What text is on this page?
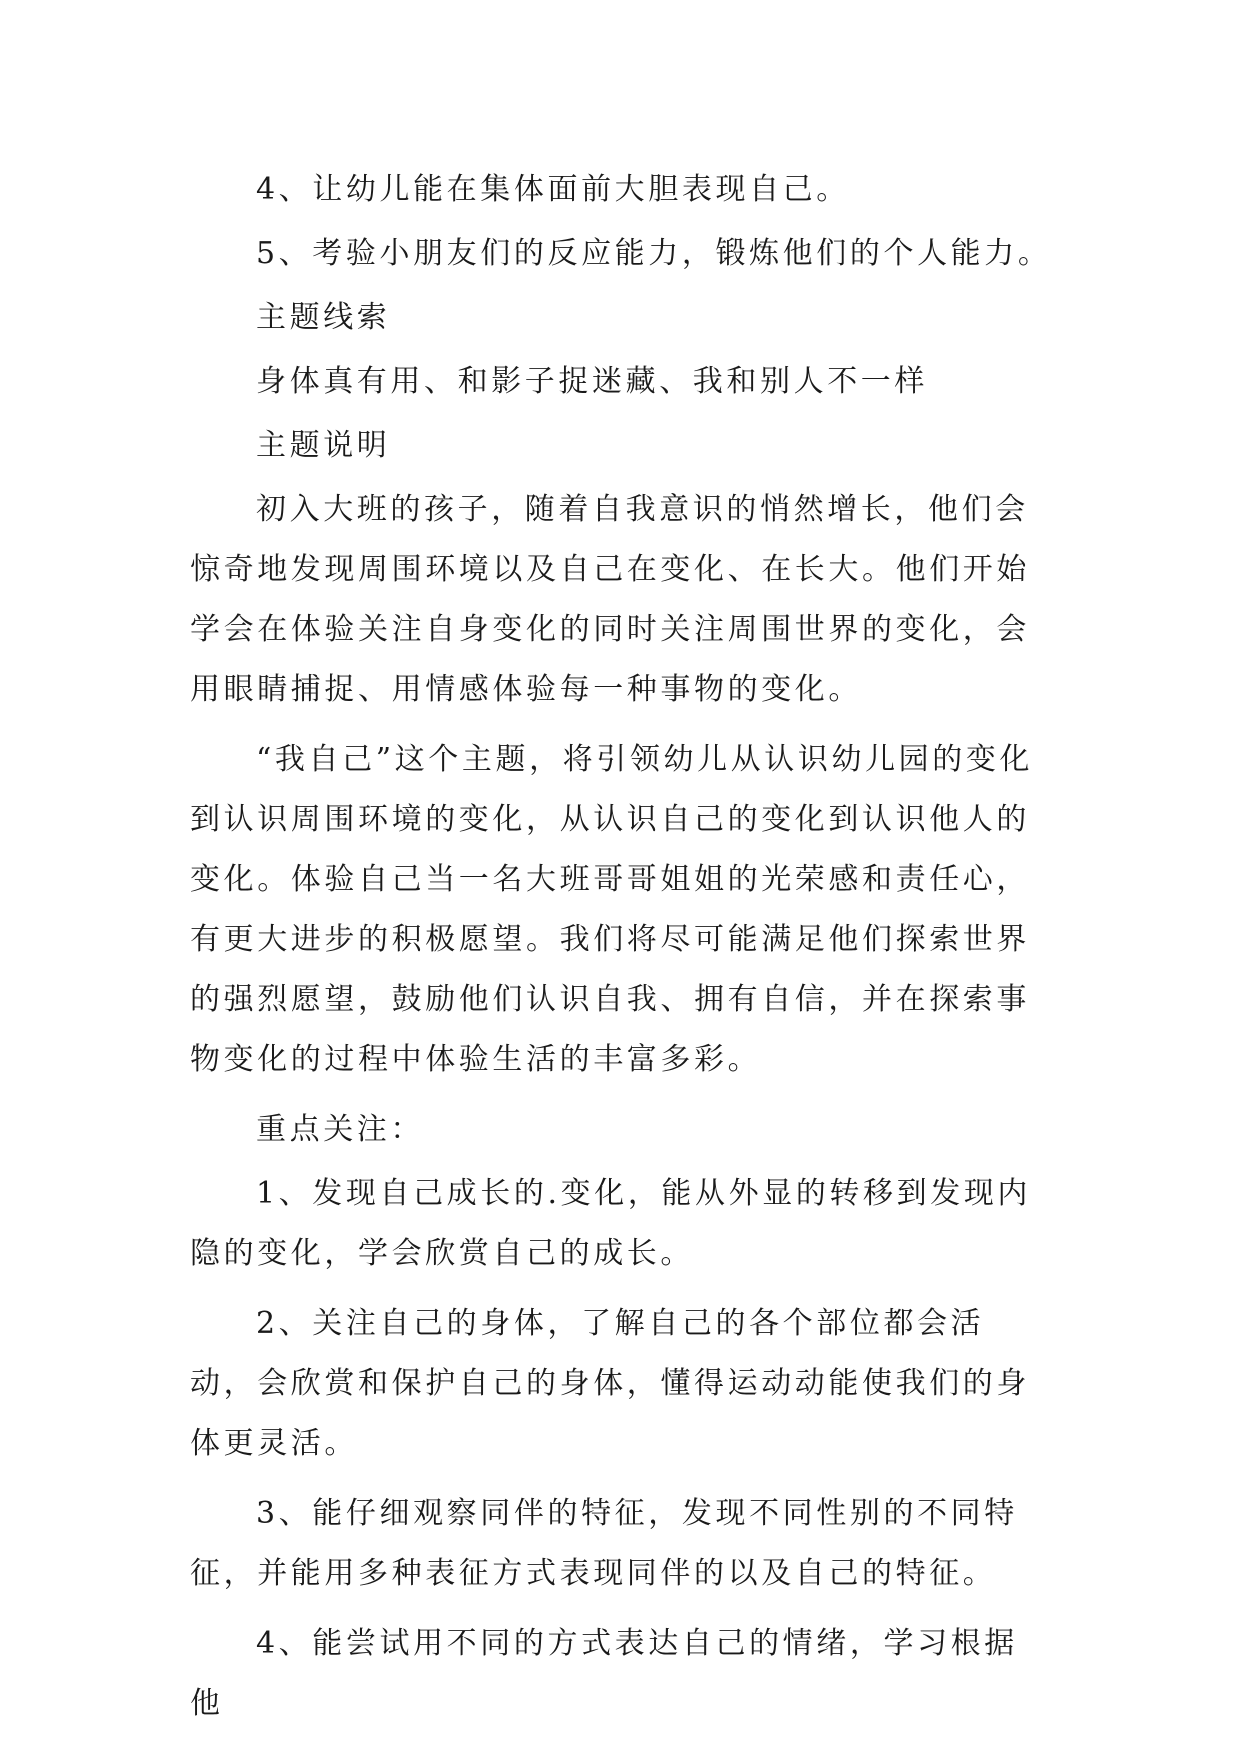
4、让幼儿能在集体面前大胆表现自己。

5、考验小朋友们的反应能力，锻炼他们的个人能力。

主题线索

身体真有用、和影子捉迷藏、我和别人不一样

主题说明

初入大班的孩子，随着自我意识的悄然增长，他们会惊奇地发现周围环境以及自己在变化、在长大。他们开始学会在体验关注自身变化的同时关注周围世界的变化，会用眼睛捕捉、用情感体验每一种事物的变化。

“我自己”这个主题，将引领幼儿从认识幼儿园的变化到认识周围环境的变化，从认识自己的变化到认识他人的变化。体验自己当一名大班哥哥姐姐的光荣感和责任心，有更大进步的积极愿望。我们将尽可能满足他们探索世界的强烈愿望，鼓励他们认识自我、拥有自信，并在探索事物变化的过程中体验生活的丰富多彩。

重点关注：

1、发现自己成长的.变化，能从外显的转移到发现内隐的变化，学会欣赏自己的成长。

2、关注自己的身体，了解自己的各个部位都会活动，会欣赏和保护自己的身体，懂得运动动能使我们的身体更灵活。

3、能仔细观察同伴的特征，发现不同性别的不同特征，并能用多种表征方式表现同伴的以及自己的特征。

4、能尝试用不同的方式表达自己的情绪，学习根据他
